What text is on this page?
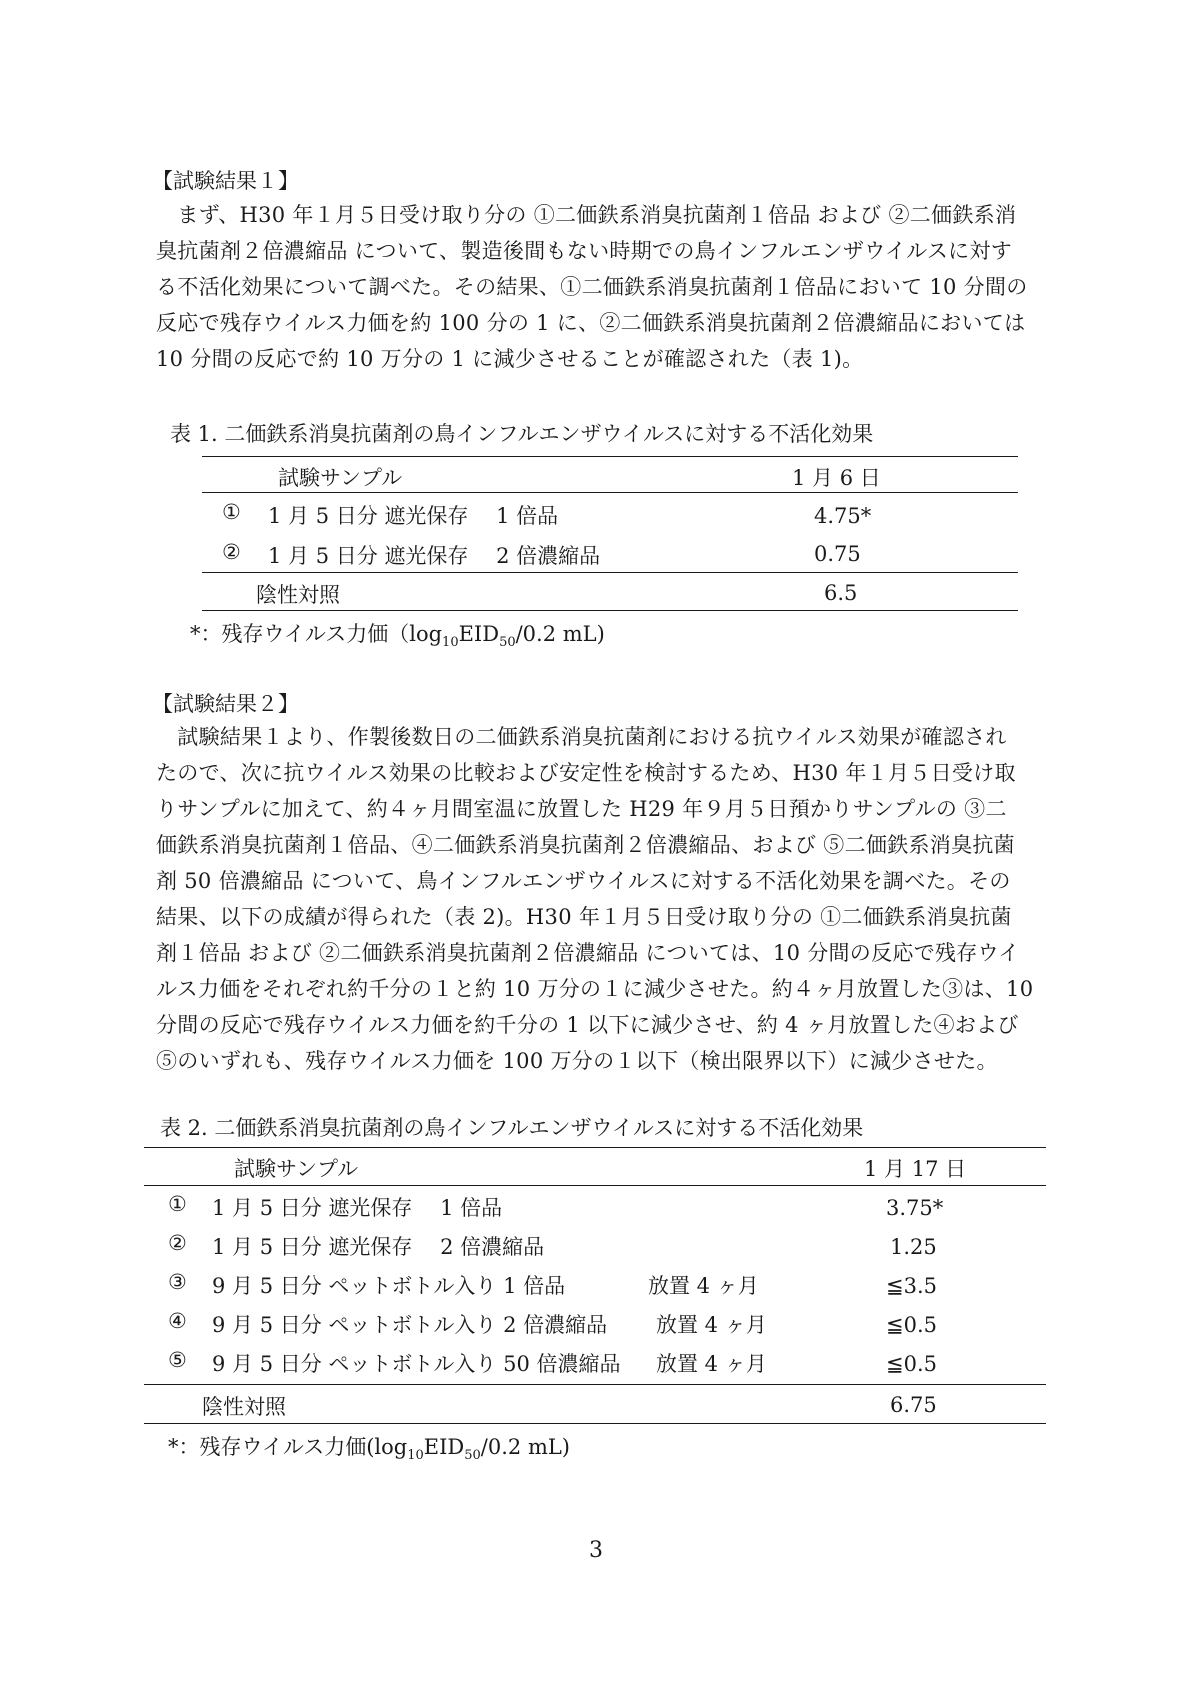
【試験結果１】
　まず、H30 年１月５日受け取り分の ①二価鉄系消臭抗菌剤１倍品 および ②二価鉄系消
臭抗菌剤２倍濃縮品 について、製造後間もない時期での鳥インフルエンザウイルスに対す
る不活化効果について調べた。その結果、①二価鉄系消臭抗菌剤１倍品において 10 分間の
反応で残存ウイルス力価を約 100 分の 1 に、②二価鉄系消臭抗菌剤２倍濃縮品においては
10 分間の反応で約 10 万分の 1 に減少させることが確認された（表 1)。
表 1. 二価鉄系消臭抗菌剤の鳥インフルエンザウイルスに対する不活化効果
試験サンプル	1 月 6 日
① 1 月 5 日分 遮光保存　 1 倍品	4.75*
② 1 月 5 日分 遮光保存　 2 倍濃縮品	0.75
陰性対照	6.5
*：残存ウイルス力価（$\log_{10}EID_{50}/0.2$ mL)
【試験結果２】
　試験結果１より、作製後数日の二価鉄系消臭抗菌剤における抗ウイルス効果が確認され
たので、次に抗ウイルス効果の比較および安定性を検討するため、H30 年１月５日受け取
りサンプルに加えて、約４ヶ月間室温に放置した H29 年９月５日預かりサンプルの ③二
価鉄系消臭抗菌剤１倍品、④二価鉄系消臭抗菌剤２倍濃縮品、および ⑤二価鉄系消臭抗菌
剤 50 倍濃縮品 について、鳥インフルエンザウイルスに対する不活化効果を調べた。その
結果、以下の成績が得られた（表 2)。H30 年１月５日受け取り分の ①二価鉄系消臭抗菌
剤１倍品 および ②二価鉄系消臭抗菌剤２倍濃縮品 については、10 分間の反応で残存ウイ
ルス力価をそれぞれ約千分の１と約 10 万分の１に減少させた。約４ヶ月放置した③は、10
分間の反応で残存ウイルス力価を約千分の 1 以下に減少させ、約 4 ヶ月放置した④および
⑤のいずれも、残存ウイルス力価を 100 万分の１以下（検出限界以下）に減少させた。
表 2. 二価鉄系消臭抗菌剤の鳥インフルエンザウイルスに対する不活化効果
試験サンプル	1 月 17 日
① 1 月 5 日分 遮光保存　 1 倍品	3.75*
② 1 月 5 日分 遮光保存　 2 倍濃縮品	1.25
③ 9 月 5 日分 ペットボトル入り 1 倍品	放置 4 ヶ月	≦3.5
④ 9 月 5 日分 ペットボトル入り 2 倍濃縮品 放置 4 ヶ月	≦0.5
⑤ 9 月 5 日分 ペットボトル入り 50 倍濃縮品 放置 4 ヶ月	≦0.5
陰性対照	6.75
*：残存ウイルス力価($\log_{10}EID_{50}/0.2$ mL)
3
